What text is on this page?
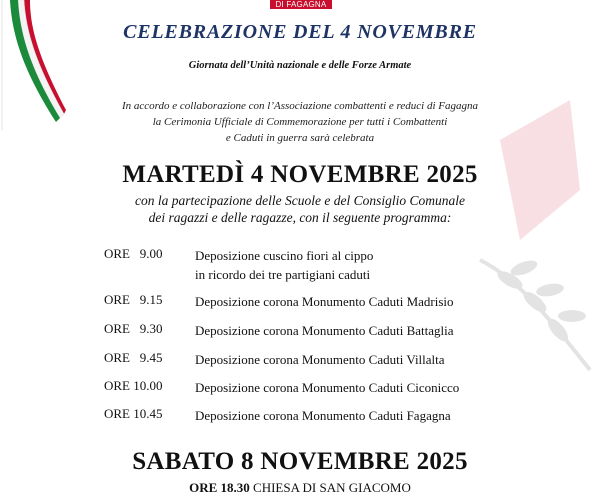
DI FAGAGNA
CELEBRAZIONE DEL 4 NOVEMBRE
Giornata dell’Unità nazionale e delle Forze Armate
In accordo e collaborazione con l’Associazione combattenti e reduci di Fagagna
la Cerimonia Ufficiale di Commemorazione per tutti i Combattenti
e Caduti in guerra sarà celebrata
MARTEDÌ 4 NOVEMBRE 2025
con la partecipazione delle Scuole e del Consiglio Comunale
dei ragazzi e delle ragazze, con il seguente programma:
ORE   9.00	Deposizione cuscino fiori al cippo
in ricordo dei tre partigiani caduti
ORE   9.15	Deposizione corona Monumento Caduti Madrisio
ORE   9.30	Deposizione corona Monumento Caduti Battaglia
ORE   9.45	Deposizione corona Monumento Caduti Villalta
ORE 10.00	Deposizione corona Monumento Caduti Ciconicco
ORE 10.45	Deposizione corona Monumento Caduti Fagagna
SABATO 8 NOVEMBRE 2025
ORE 18.30 CHIESA DI SAN GIACOMO
